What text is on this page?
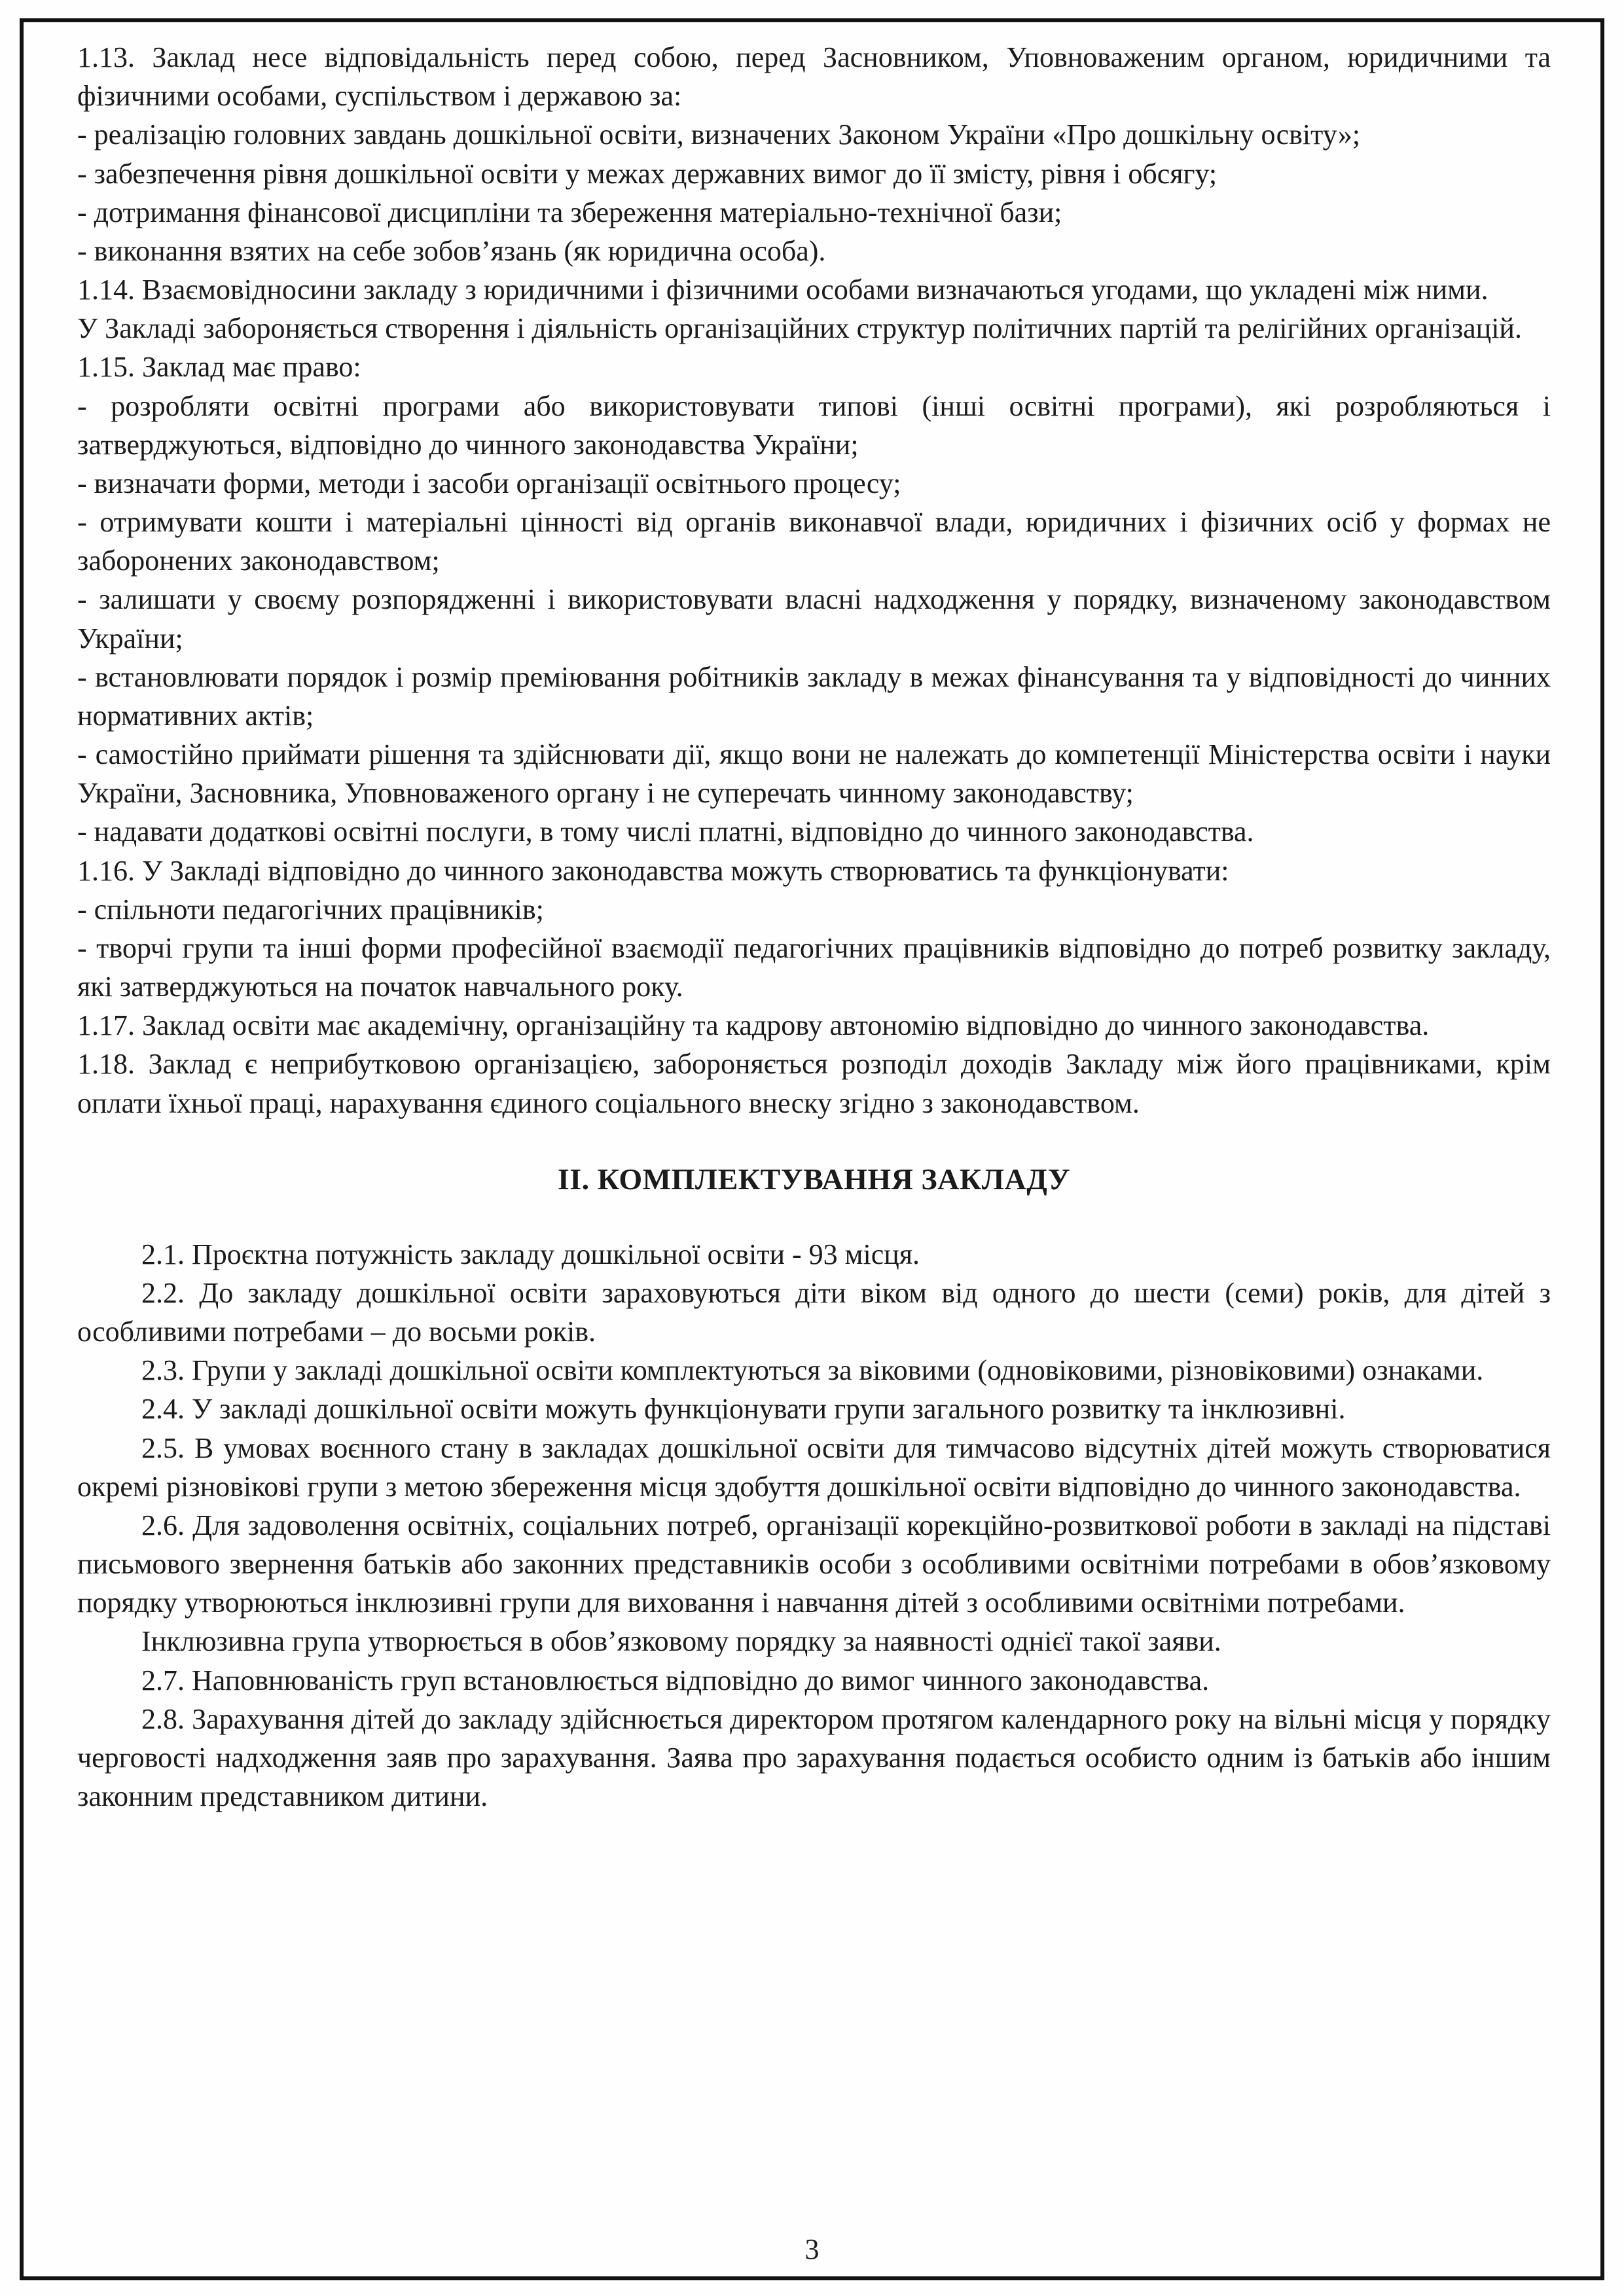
1.13. Заклад несе відповідальність перед собою, перед Засновником, Уповноваженим органом, юридичними та фізичними особами, суспільством і державою за:

- реалізацію головних завдань дошкільної освіти, визначених Законом України «Про дошкільну освіту»;

- забезпечення рівня дошкільної освіти у межах державних вимог до її змісту, рівня і обсягу;

- дотримання фінансової дисципліни та збереження матеріально-технічної бази;

- виконання взятих на себе зобов’язань (як юридична особа).

1.14. Взаємовідносини закладу з юридичними і фізичними особами визначаються угодами, що укладені між ними.

У Закладі забороняється створення і діяльність організаційних структур політичних партій та релігійних організацій.

1.15. Заклад має право:

- розробляти освітні програми або використовувати типові (інші освітні програми), які розробляються і затверджуються, відповідно до чинного законодавства України;

- визначати форми, методи і засоби організації освітнього процесу;

- отримувати кошти і матеріальні цінності від органів виконавчої влади, юридичних і фізичних осіб у формах не заборонених законодавством;

- залишати у своєму розпорядженні і використовувати власні надходження у порядку, визначеному законодавством України;

- встановлювати порядок і розмір преміювання робітників закладу в межах фінансування та у відповідності до чинних нормативних актів;

- самостійно приймати рішення та здійснювати дії, якщо вони не належать до компетенції Міністерства освіти і науки України, Засновника, Уповноваженого органу і не суперечать чинному законодавству;

- надавати додаткові освітні послуги, в тому числі платні, відповідно до чинного законодавства.

1.16. У Закладі відповідно до чинного законодавства можуть створюватись та функціонувати:

- спільноти педагогічних працівників;

- творчі групи та інші форми професійної взаємодії педагогічних працівників відповідно до потреб розвитку закладу, які затверджуються на початок навчального року.

1.17. Заклад освіти має академічну, організаційну та кадрову автономію відповідно до чинного законодавства.

1.18. Заклад є неприбутковою організацією, забороняється розподіл доходів Закладу між його працівниками, крім оплати їхньої праці, нарахування єдиного соціального внеску згідно з законодавством.

ІІ. КОМПЛЕКТУВАННЯ ЗАКЛАДУ

2.1. Проєктна потужність закладу дошкільної освіти - 93 місця.

2.2. До закладу дошкільної освіти зараховуються діти віком від одного до шести (семи) років, для дітей з особливими потребами – до восьми років.

2.3. Групи у закладі дошкільної освіти комплектуються за віковими (одновіковими, різновіковими) ознаками.

2.4. У закладі дошкільної освіти можуть функціонувати групи загального розвитку та інклюзивні.

2.5. В умовах воєнного стану в закладах дошкільної освіти для тимчасово відсутніх дітей можуть створюватися окремі різновікові групи з метою збереження місця здобуття дошкільної освіти відповідно до чинного законодавства.

2.6. Для задоволення освітніх, соціальних потреб, організації корекційно-розвиткової роботи в закладі на підставі письмового звернення батьків або законних представників особи з особливими освітніми потребами в обов’язковому порядку утворюються інклюзивні групи для виховання і навчання дітей з особливими освітніми потребами.

Інклюзивна група утворюється в обов’язковому порядку за наявності однієї такої заяви.

2.7. Наповнюваність груп встановлюється відповідно до вимог чинного законодавства.

2.8. Зарахування дітей до закладу здійснюється директором протягом календарного року на вільні місця у порядку черговості надходження заяв про зарахування. Заява про зарахування подається особисто одним із батьків або іншим законним представником дитини.

3
